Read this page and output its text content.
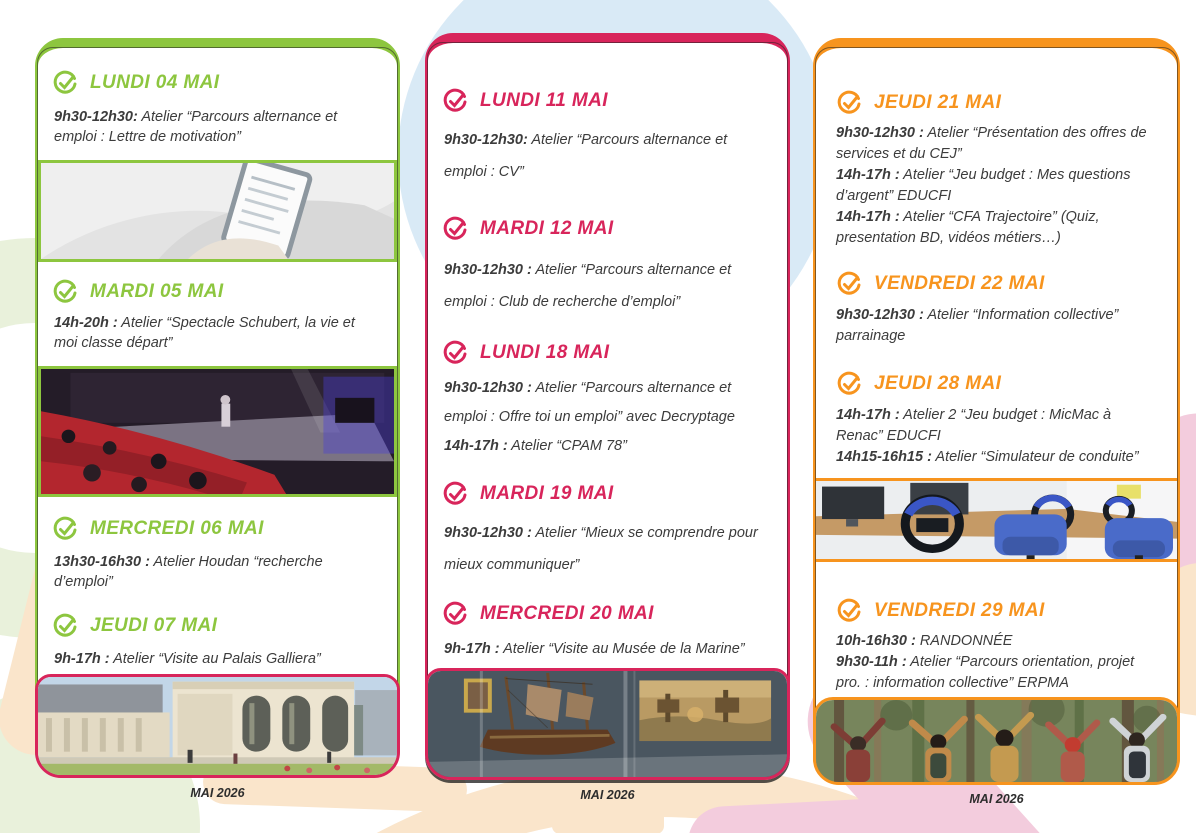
LUNDI 04 MAI

9h30-12h30: Atelier “Parcours alternance et emploi : Lettre de motivation”

MARDI 05 MAI

14h-20h : Atelier “Spectacle Schubert, la vie et moi classe départ”

MERCREDI 06 MAI

13h30-16h30 : Atelier Houdan “recherche d’emploi”

JEUDI 07 MAI

9h-17h : Atelier “Visite au Palais Galliera”

LUNDI 11 MAI

9h30-12h30: Atelier “Parcours alternance et emploi : CV”

MARDI 12 MAI

9h30-12h30 : Atelier “Parcours alternance et emploi : Club de recherche d’emploi”

LUNDI 18 MAI

9h30-12h30 : Atelier “Parcours alternance et emploi : Offre toi un emploi” avec Decryptage
14h-17h : Atelier “CPAM 78”

MARDI 19 MAI

9h30-12h30 : Atelier “Mieux se comprendre pour mieux communiquer”

MERCREDI 20 MAI

9h-17h : Atelier “Visite au Musée de la Marine”

JEUDI 21 MAI

9h30-12h30 : Atelier “Présentation des offres de services et du CEJ”
14h-17h : Atelier “Jeu budget : Mes questions d’argent” EDUCFI
14h-17h : Atelier “CFA Trajectoire” (Quiz, presentation BD, vidéos métiers…)

VENDREDI 22 MAI

9h30-12h30 : Atelier “Information collective” parrainage

JEUDI 28 MAI

14h-17h : Atelier 2 “Jeu budget : MicMac à Renac” EDUCFI
14h15-16h15 : Atelier “Simulateur de conduite”

VENDREDI 29 MAI

10h-16h30 : RANDONNÉE
9h30-11h : Atelier “Parcours orientation, projet pro. : information collective” ERPMA

MAI 2026	MAI 2026	MAI 2026
